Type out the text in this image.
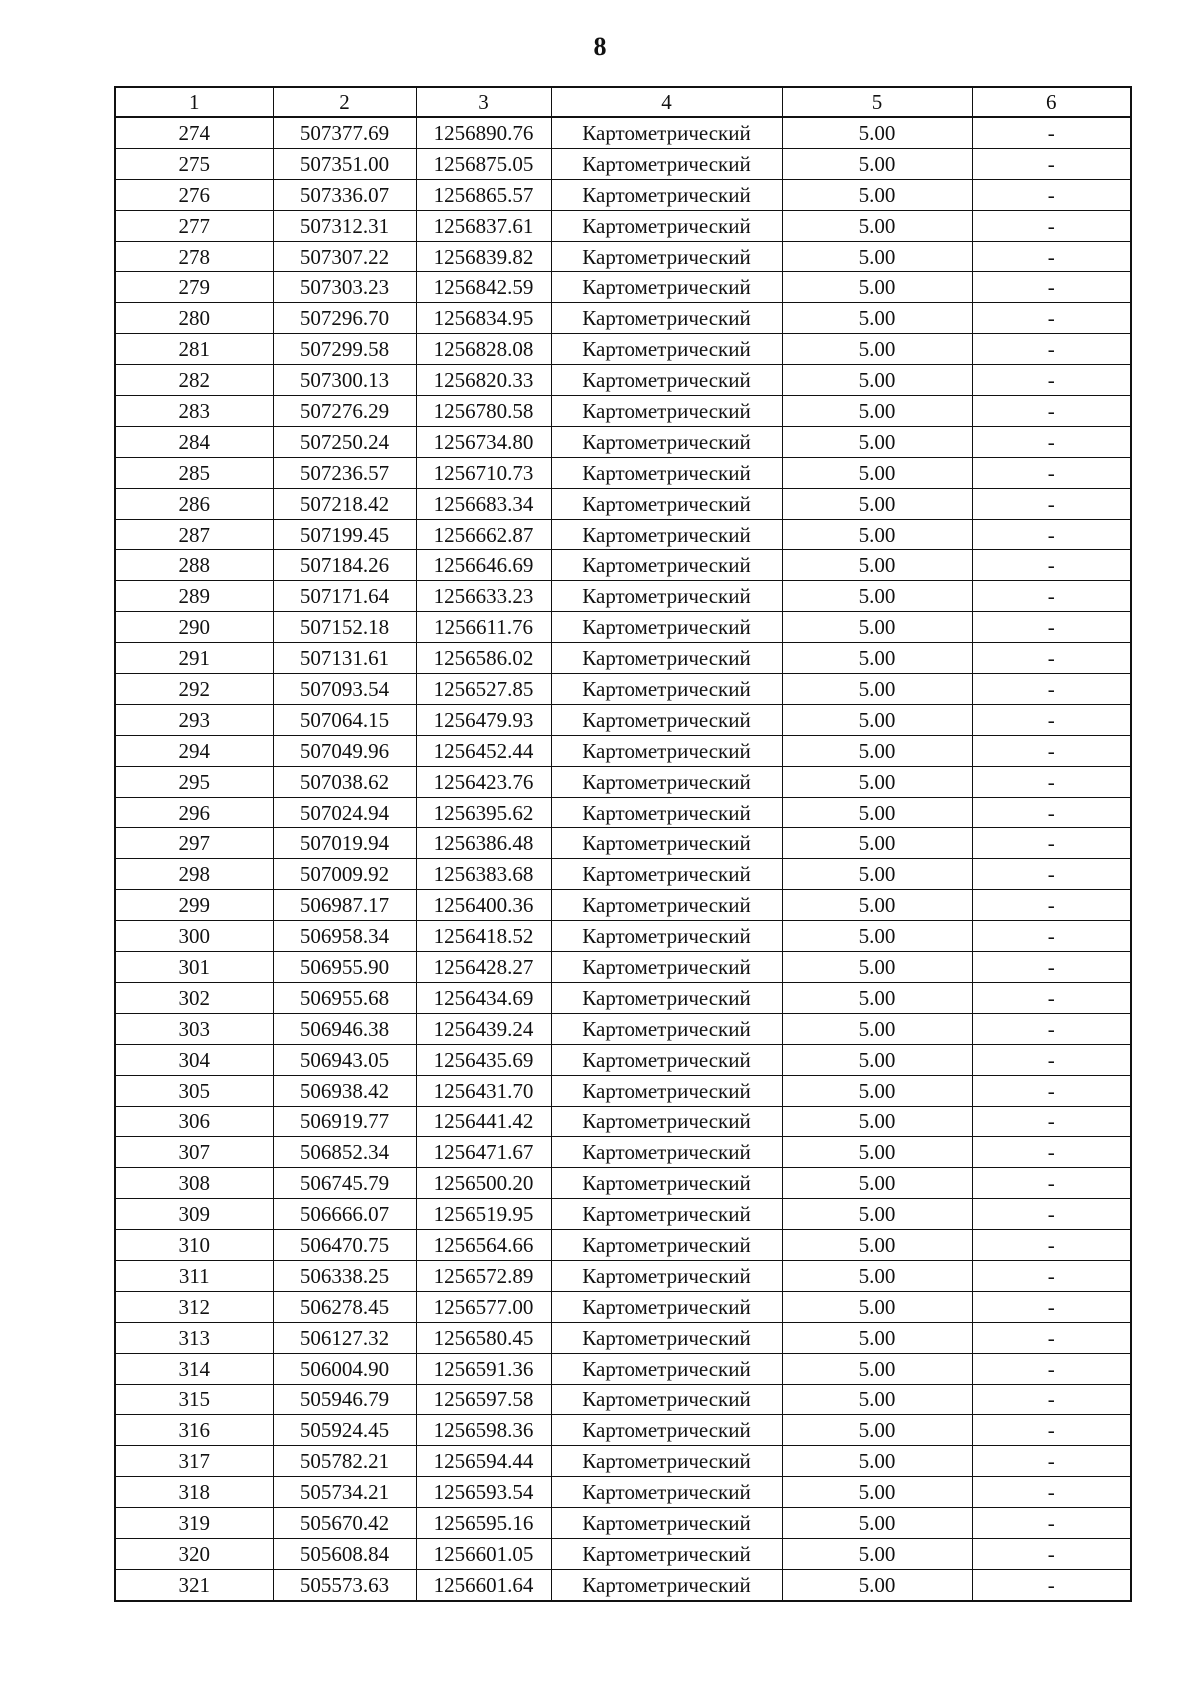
8
1	2	3	4	5	6
274	507377.69	1256890.76	Картометрический	5.00	-
275	507351.00	1256875.05	Картометрический	5.00	-
276	507336.07	1256865.57	Картометрический	5.00	-
277	507312.31	1256837.61	Картометрический	5.00	-
278	507307.22	1256839.82	Картометрический	5.00	-
279	507303.23	1256842.59	Картометрический	5.00	-
280	507296.70	1256834.95	Картометрический	5.00	-
281	507299.58	1256828.08	Картометрический	5.00	-
282	507300.13	1256820.33	Картометрический	5.00	-
283	507276.29	1256780.58	Картометрический	5.00	-
284	507250.24	1256734.80	Картометрический	5.00	-
285	507236.57	1256710.73	Картометрический	5.00	-
286	507218.42	1256683.34	Картометрический	5.00	-
287	507199.45	1256662.87	Картометрический	5.00	-
288	507184.26	1256646.69	Картометрический	5.00	-
289	507171.64	1256633.23	Картометрический	5.00	-
290	507152.18	1256611.76	Картометрический	5.00	-
291	507131.61	1256586.02	Картометрический	5.00	-
292	507093.54	1256527.85	Картометрический	5.00	-
293	507064.15	1256479.93	Картометрический	5.00	-
294	507049.96	1256452.44	Картометрический	5.00	-
295	507038.62	1256423.76	Картометрический	5.00	-
296	507024.94	1256395.62	Картометрический	5.00	-
297	507019.94	1256386.48	Картометрический	5.00	-
298	507009.92	1256383.68	Картометрический	5.00	-
299	506987.17	1256400.36	Картометрический	5.00	-
300	506958.34	1256418.52	Картометрический	5.00	-
301	506955.90	1256428.27	Картометрический	5.00	-
302	506955.68	1256434.69	Картометрический	5.00	-
303	506946.38	1256439.24	Картометрический	5.00	-
304	506943.05	1256435.69	Картометрический	5.00	-
305	506938.42	1256431.70	Картометрический	5.00	-
306	506919.77	1256441.42	Картометрический	5.00	-
307	506852.34	1256471.67	Картометрический	5.00	-
308	506745.79	1256500.20	Картометрический	5.00	-
309	506666.07	1256519.95	Картометрический	5.00	-
310	506470.75	1256564.66	Картометрический	5.00	-
311	506338.25	1256572.89	Картометрический	5.00	-
312	506278.45	1256577.00	Картометрический	5.00	-
313	506127.32	1256580.45	Картометрический	5.00	-
314	506004.90	1256591.36	Картометрический	5.00	-
315	505946.79	1256597.58	Картометрический	5.00	-
316	505924.45	1256598.36	Картометрический	5.00	-
317	505782.21	1256594.44	Картометрический	5.00	-
318	505734.21	1256593.54	Картометрический	5.00	-
319	505670.42	1256595.16	Картометрический	5.00	-
320	505608.84	1256601.05	Картометрический	5.00	-
321	505573.63	1256601.64	Картометрический	5.00	-
